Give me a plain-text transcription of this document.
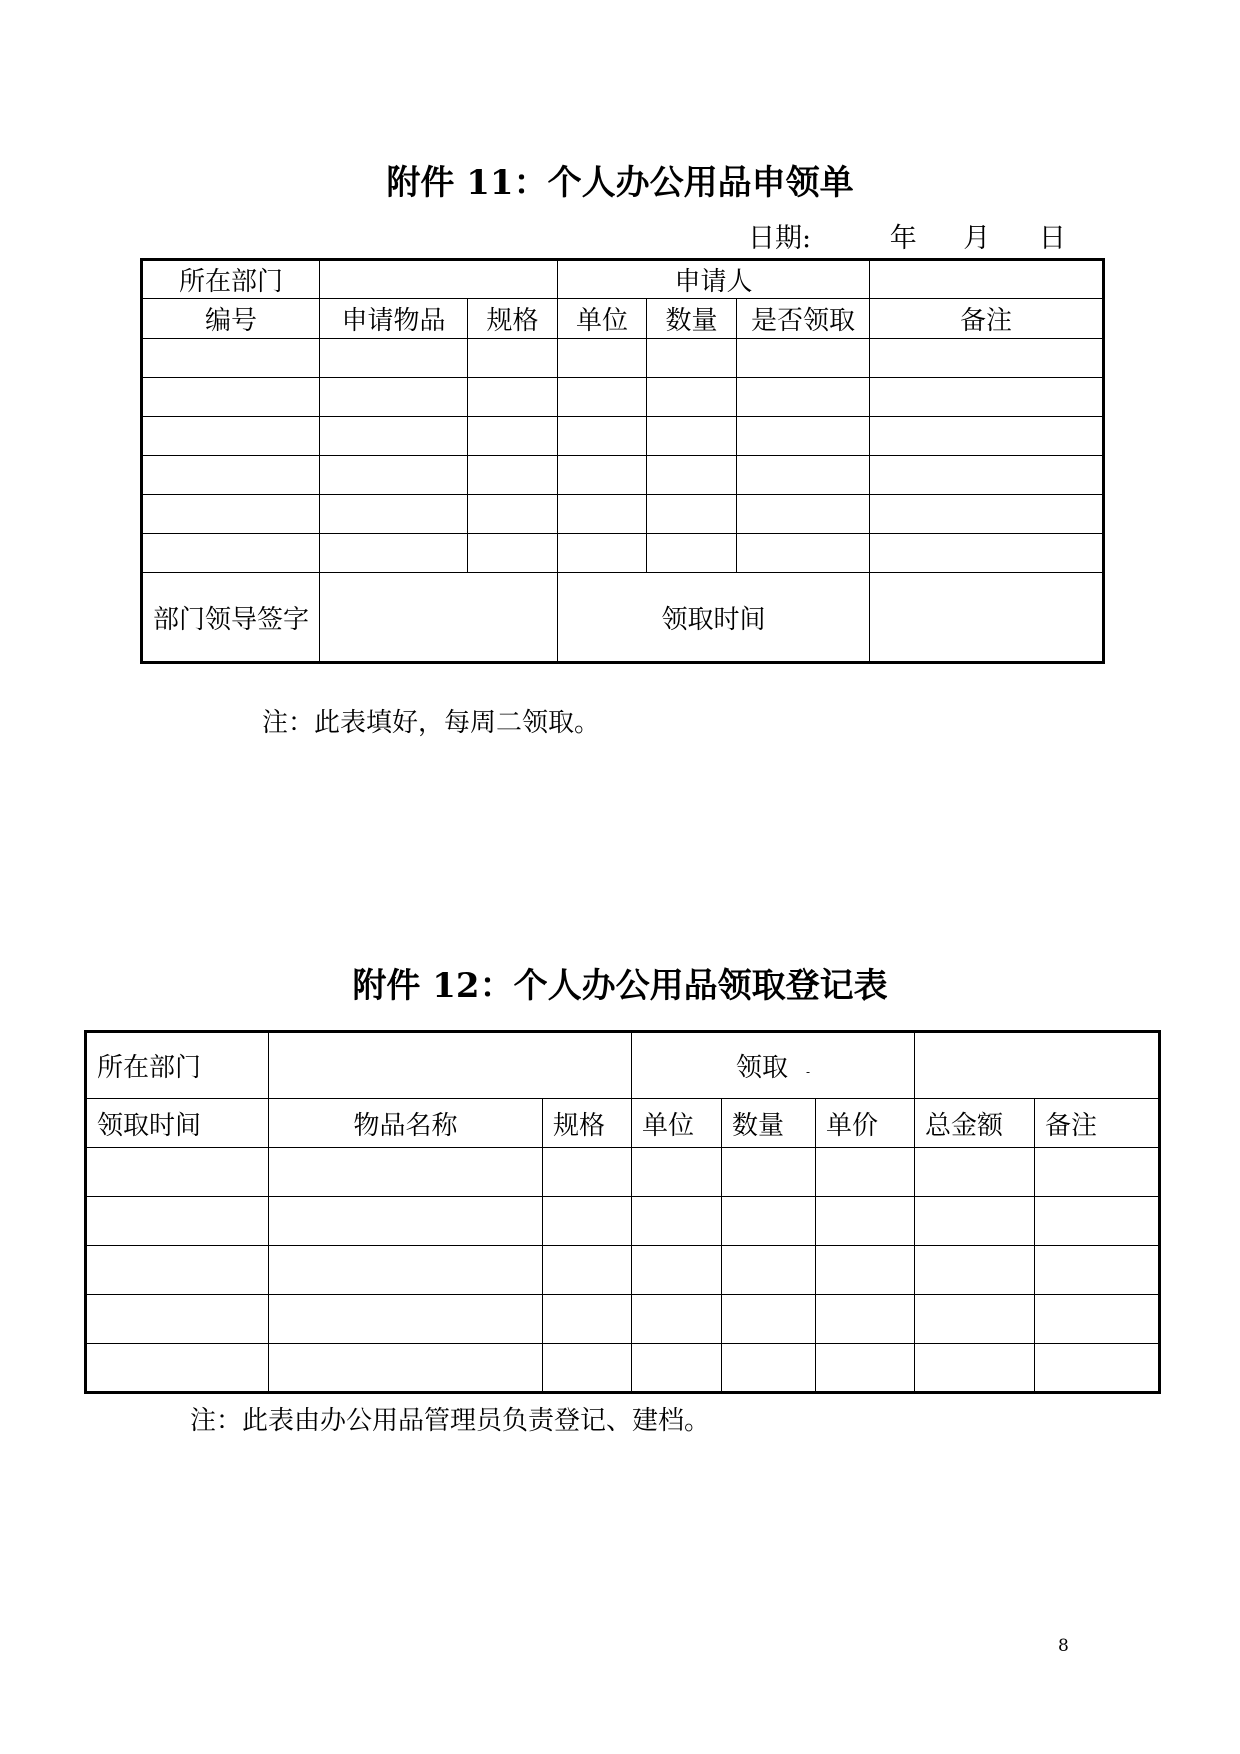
附件 11：个人办公用品申领单
日期:	年 月 日
所在部门			申请人			
编号	申请物品	规格	单位	数量	是否领取	备注

部门领导签字			领取时间			

注：此表填好，每周二领取。

附件 12：个人办公用品领取登记表
所在部门			领取 -				
领取时间	物品名称	规格	单位	数量	单价	总金额	备注

注：此表由办公用品管理员负责登记、建档。

8
